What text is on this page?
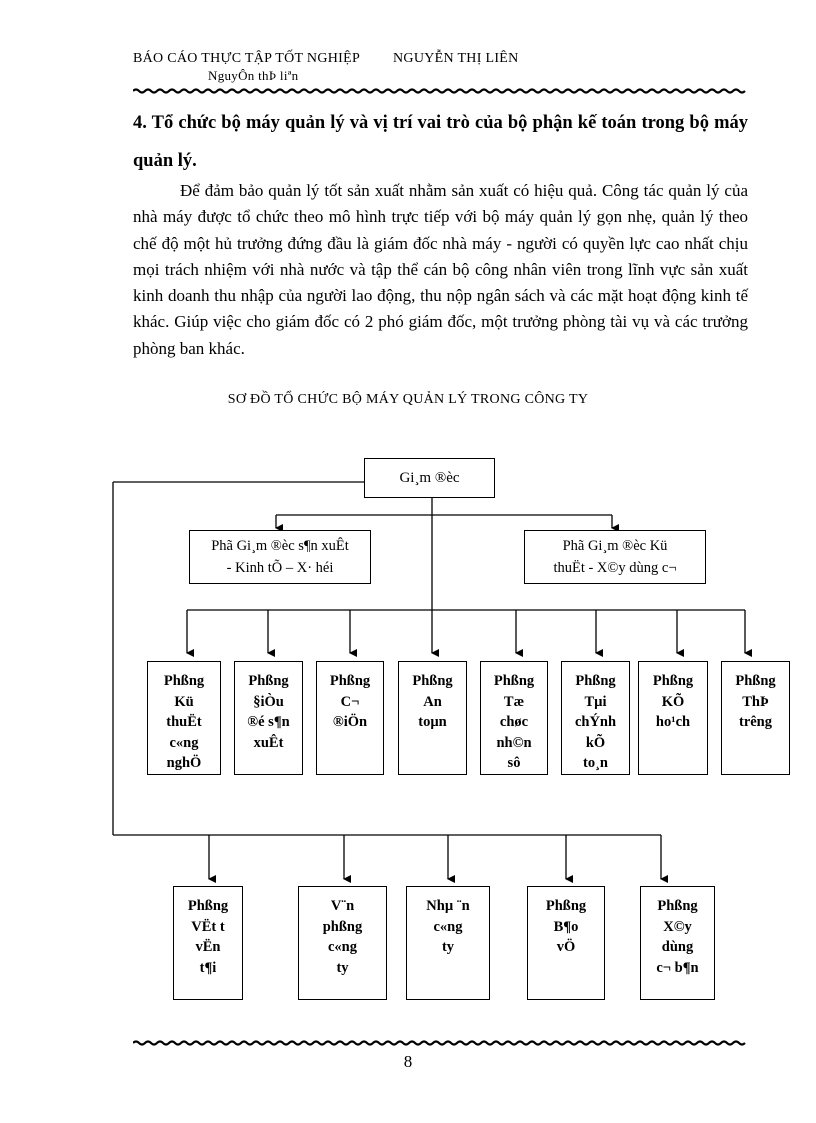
BÁO CÁO THỰC TẬP TỐT NGHIỆP NGUYỄN THỊ LIÊN
NguyÔn thÞ liªn
4. Tổ chức bộ máy quản lý và vị trí vai trò của bộ phận kế toán trong bộ máy quản lý.
Để đảm bảo quản lý tốt sản xuất nhằm sản xuất có hiệu quả. Công tác quản lý của nhà máy được tổ chức theo mô hình trực tiếp với bộ máy quản lý gọn nhẹ, quản lý theo chế độ một hủ trưởng đứng đầu là giám đốc nhà máy - người có quyền lực cao nhất chịu mọi trách nhiệm với nhà nước và tập thể cán bộ công nhân viên trong lĩnh vực sản xuất kinh doanh thu nhập của người lao động, thu nộp ngân sách và các mặt hoạt động kinh tế khác. Giúp việc cho giám đốc có 2 phó giám đốc, một trưởng phòng tài vụ và các trưởng phòng ban khác.
SƠ ĐỒ TỔ CHỨC BỘ MÁY QUẢN LÝ TRONG CÔNG TY
Gi¸m ®èc
Phã Gi¸m ®èc s¶n xuÊt
- Kinh tÕ – X· héi
Phã Gi¸m ®èc Kü
thuËt - X©y dùng c¬
Phßng
Kü
thuËt
c«ng
nghÖ
Phßng
§iÒu
®é s¶n
xuÊt
Phßng
C¬
®iÖn
Phßng
An
toµn
Phßng
Tæ
chøc
nh©n
sô
Phßng
Tµi
chÝnh
kÕ
to¸n
Phßng
KÕ
ho¹ch
Phßng
ThÞ
trêng
Phßng
VËt t
vËn
t¶i
V¨n
phßng
c«ng
ty
Nhµ ¨n
c«ng
ty
Phßng
B¶o
vÖ
Phßng
X©y
dùng
c¬ b¶n
8
